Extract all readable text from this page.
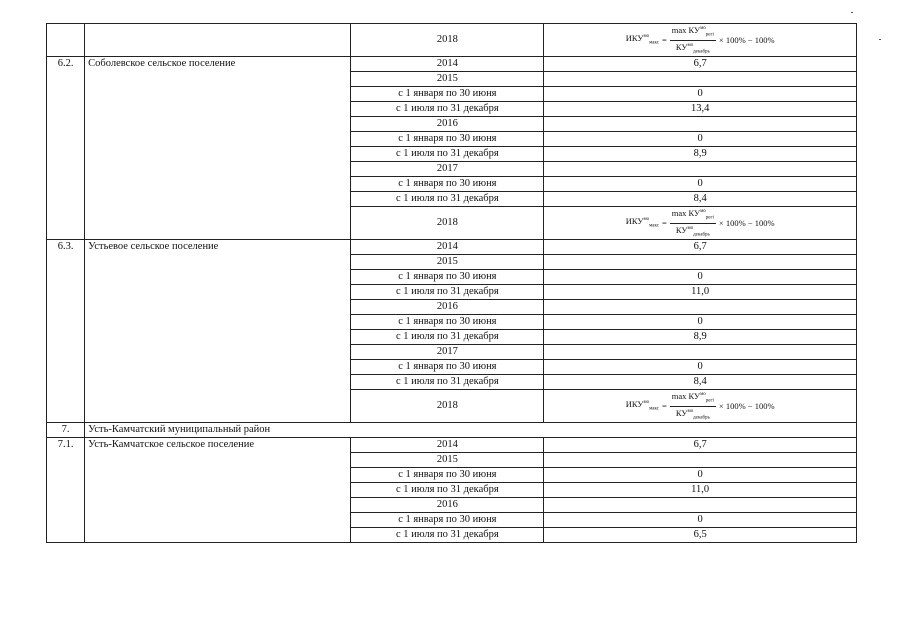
		2018	$ИКУ^{мо}_{макс} = \frac{\max КУ^{мо}_{регi}}{КУ^{мо}_{декабрь}} \times 100\% - 100\%$

6.2.	Соболевское сельское поселение	2014	6,7
		2015	
		с 1 января по 30 июня	0
		с 1 июля по 31 декабря	13,4
		2016	
		с 1 января по 30 июня	0
		с 1 июля по 31 декабря	8,9
		2017	
		с 1 января по 30 июня	0
		с 1 июля по 31 декабря	8,4
		2018	$ИКУ^{мо}_{макс} = \frac{\max КУ^{мо}_{регi}}{КУ^{мо}_{декабрь}} \times 100\% - 100\%$

6.3.	Устьевое сельское поселение	2014	6,7
		2015	
		с 1 января по 30 июня	0
		с 1 июля по 31 декабря	11,0
		2016	
		с 1 января по 30 июня	0
		с 1 июля по 31 декабря	8,9
		2017	
		с 1 января по 30 июня	0
		с 1 июля по 31 декабря	8,4
		2018	$ИКУ^{мо}_{макс} = \frac{\max КУ^{мо}_{регi}}{КУ^{мо}_{декабрь}} \times 100\% - 100\%$

7.	Усть-Камчатский муниципальный район		
7.1.	Усть-Камчатское сельское поселение	2014	6,7
		2015	
		с 1 января по 30 июня	0
		с 1 июля по 31 декабря	11,0
		2016	
		с 1 января по 30 июня	0
		с 1 июля по 31 декабря	6,5
